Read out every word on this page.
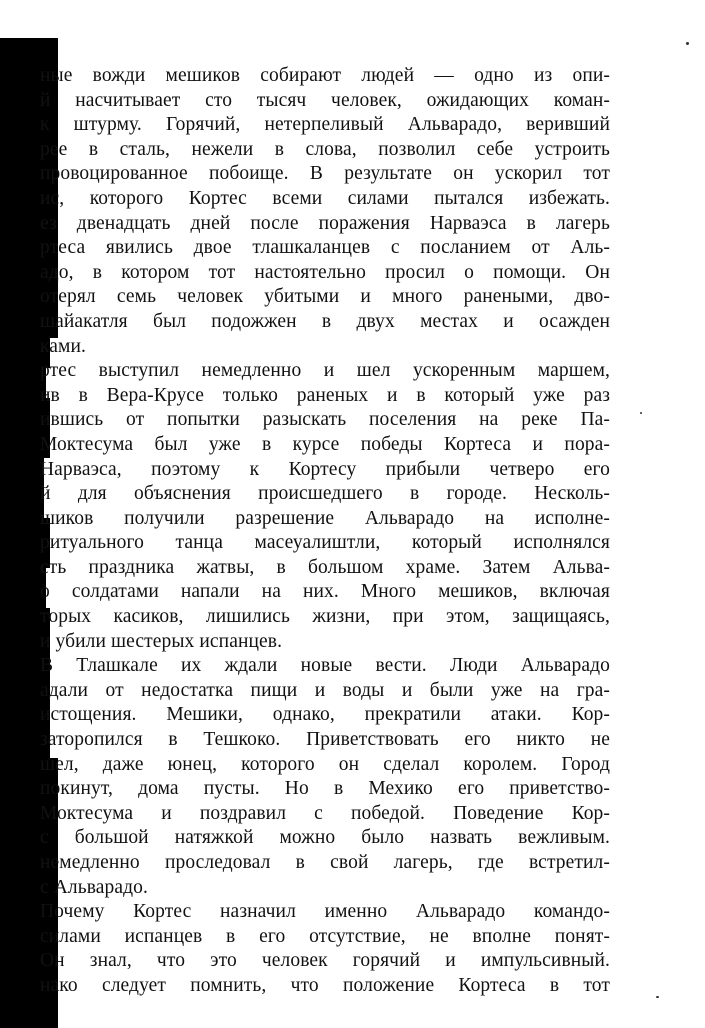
ные вожди мешиков собирают людей — одно из опи-
й насчитывает сто тысяч человек, ожидающих коман-
к штурму. Горячий, нетерпеливый Альварадо, веривший
рее в сталь, нежели в слова, позволил себе устроить
провоцированное побоище. В результате он ускорил тот
ис, которого Кортес всеми силами пытался избежать.
ез двенадцать дней после поражения Нарваэса в лагерь
ртеса явились двое тлашкаланцев с посланием от Аль-
адо, в котором тот настоятельно просил о помощи. Он
отерял семь человек убитыми и много ранеными, дво-
шайакатля был подожжен в двух местах и осажден
ками.
ртес выступил немедленно и шел ускоренным маршем,
ив в Вера-Крусе только раненых и в который уже раз
ившись от попытки разыскать поселения на реке Па-
Моктесума был уже в курсе победы Кортеса и пора-
Нарваэса, поэтому к Кортесу прибыли четверо его
й для объяснения происшедшего в городе. Несколь-
шиков получили разрешение Альварадо на исполне-
ритуального танца масеуалиштли, который исполнялся
сть праздника жатвы, в большом храме. Затем Альва-
о солдатами напали на них. Много мешиков, включая
торых касиков, лишились жизни, при этом, защищаясь,
и убили шестерых испанцев.
В Тлашкале их ждали новые вести. Люди Альварадо
адали от недостатка пищи и воды и были уже на гра-
истощения. Мешики, однако, прекратили атаки. Кор-
заторопился в Тешкоко. Приветствовать его никто не
шел, даже юнец, которого он сделал королем. Город
покинут, дома пусты. Но в Мехико его приветство-
Моктесума и поздравил с победой. Поведение Кор-
с большой натяжкой можно было назвать вежливым.
немедленно проследовал в свой лагерь, где встретил-
с Альварадо.
Почему Кортес назначил именно Альварадо командо-
силами испанцев в его отсутствие, не вполне понят-
Он знал, что это человек горячий и импульсивный.
нако следует помнить, что положение Кортеса в тот
